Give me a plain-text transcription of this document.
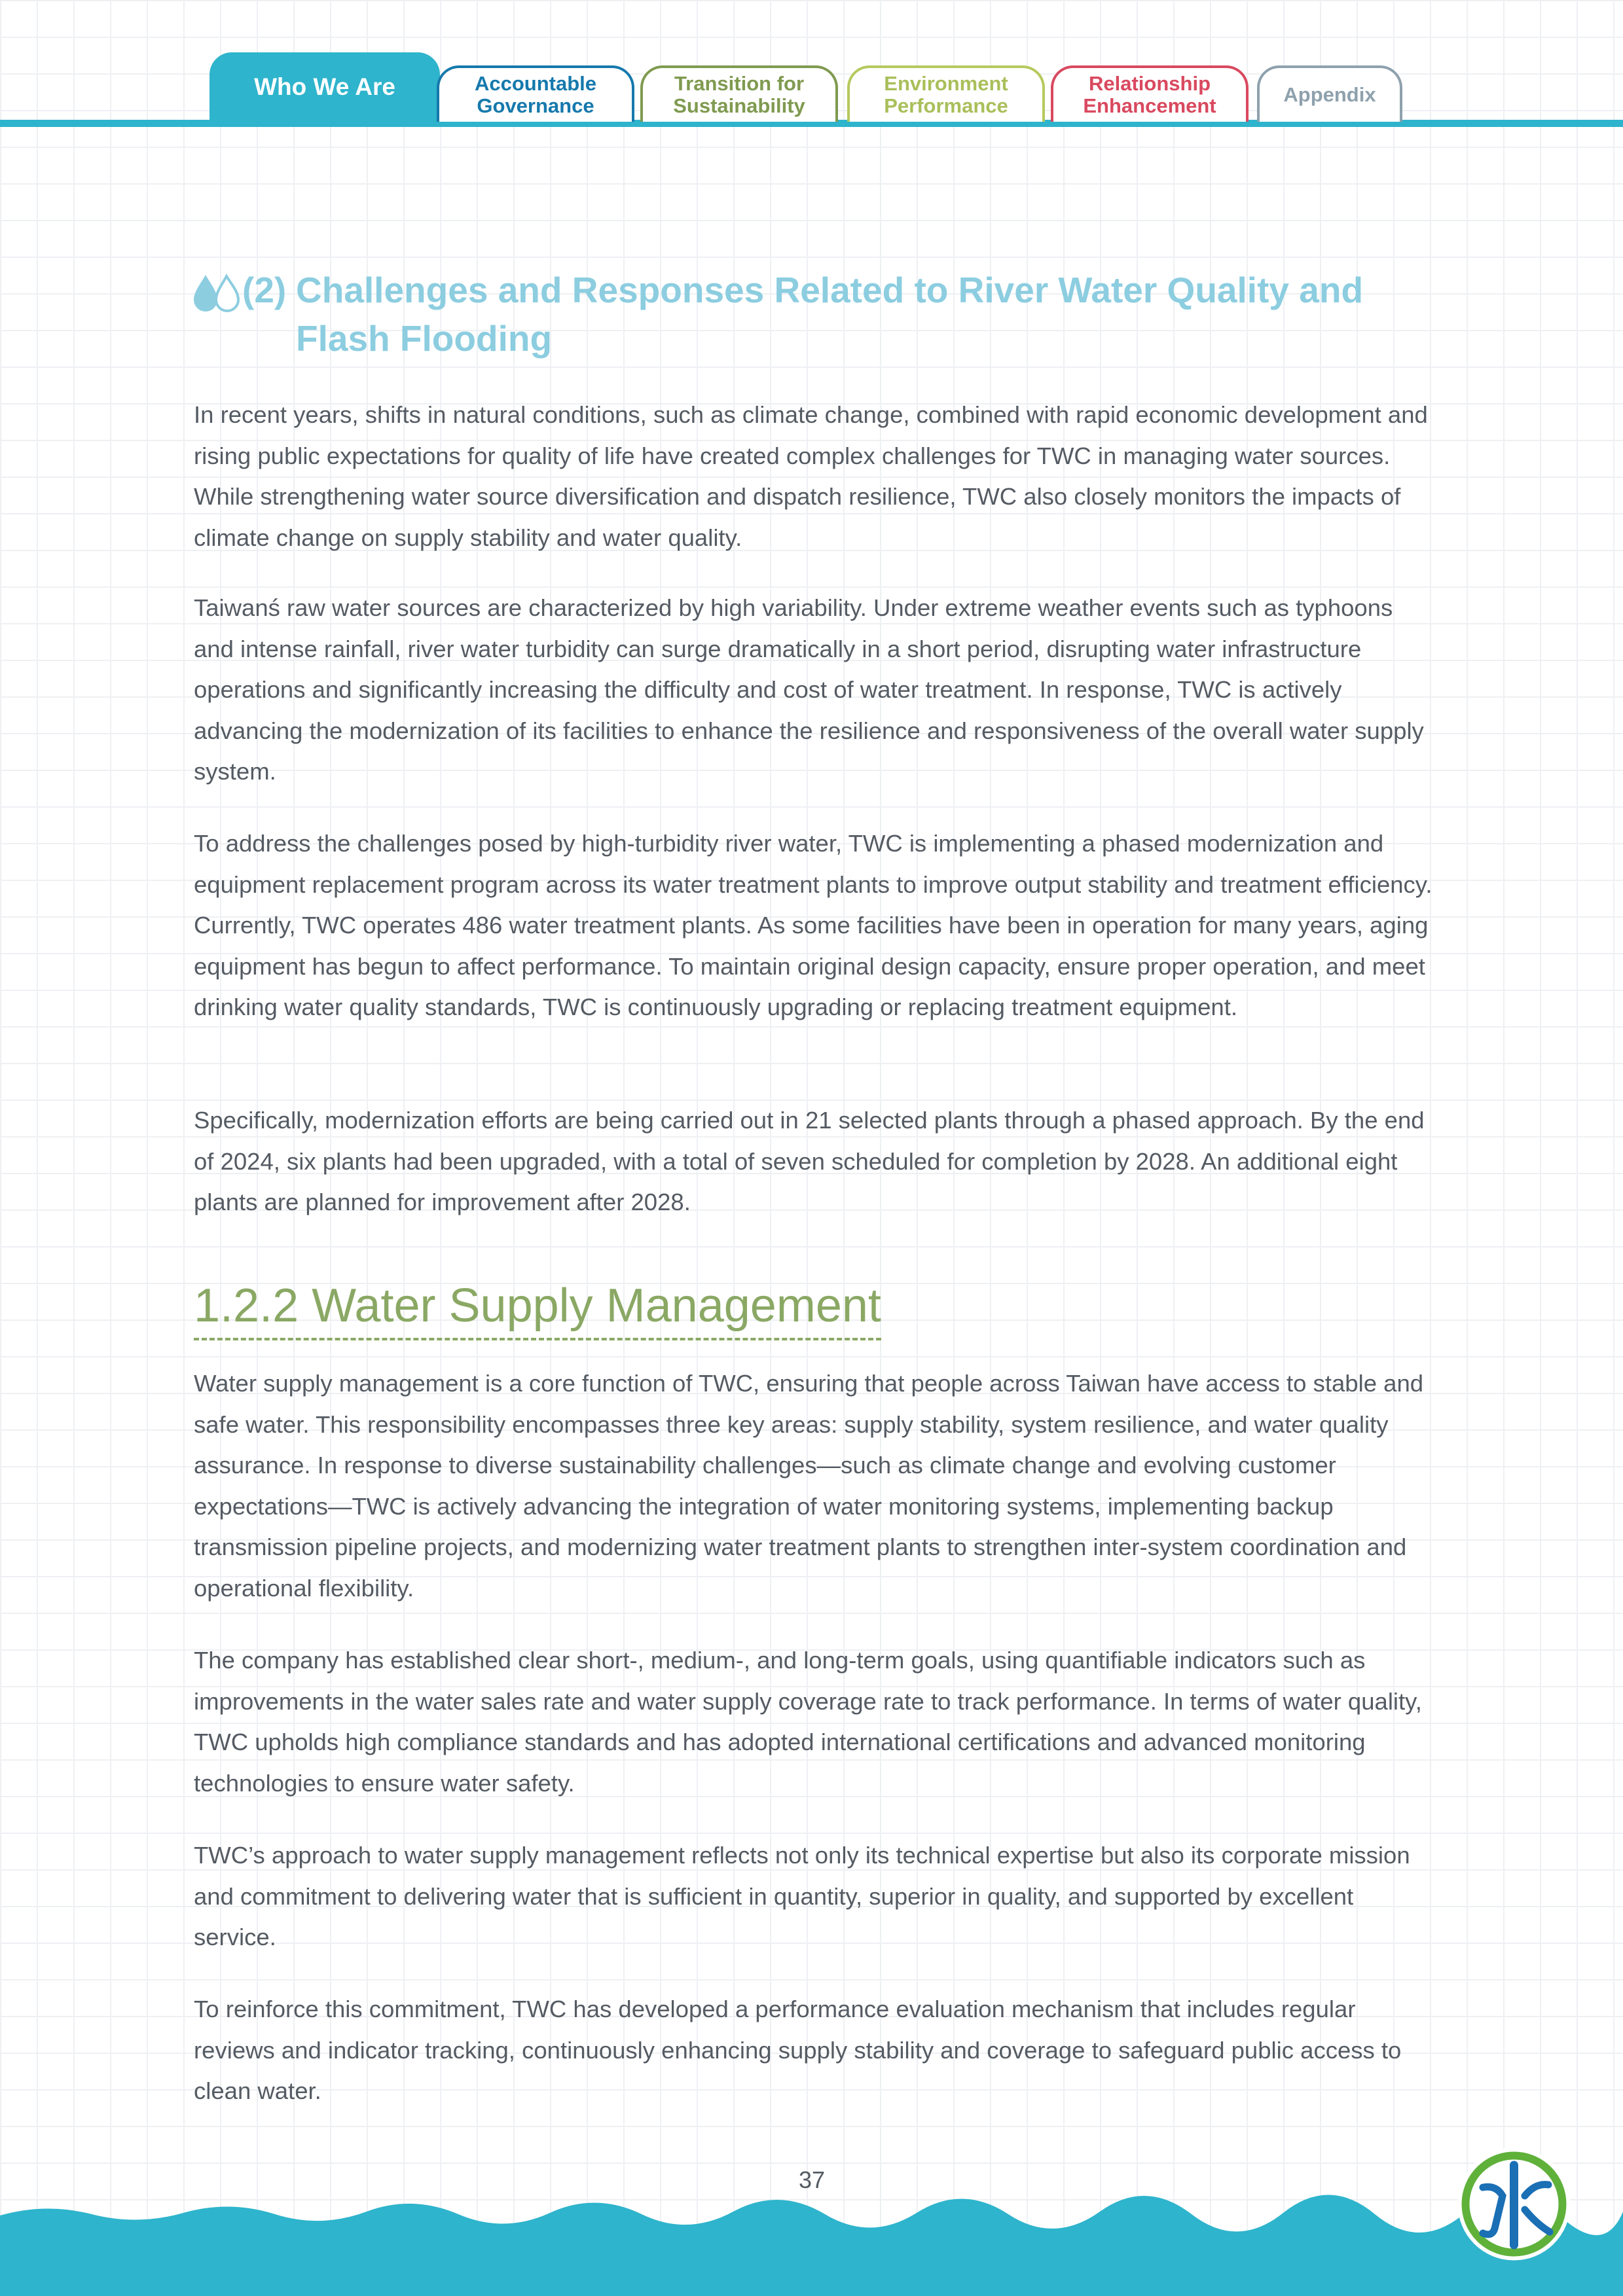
Who We Are	Accountable
Governance
Transition for
Sustainability
Environment
Performance
Relationship
Enhancement	Appendix
(2) Challenges and Responses Related to River Water Quality and Flash Flooding

In recent years, shifts in natural conditions, such as climate change, combined with rapid economic development and rising public expectations for quality of life have created complex challenges for TWC in managing water sources. While strengthening water source diversification and dispatch resilience, TWC also closely monitors the impacts of climate change on supply stability and water quality.

Taiwanś raw water sources are characterized by high variability. Under extreme weather events such as typhoons and intense rainfall, river water turbidity can surge dramatically in a short period, disrupting water infrastructure operations and significantly increasing the difficulty and cost of water treatment. In response, TWC is actively advancing the modernization of its facilities to enhance the resilience and responsiveness of the overall water supply system.

To address the challenges posed by high-turbidity river water, TWC is implementing a phased modernization and equipment replacement program across its water treatment plants to improve output stability and treatment efficiency. Currently, TWC operates 486 water treatment plants. As some facilities have been in operation for many years, aging equipment has begun to affect performance. To maintain original design capacity, ensure proper operation, and meet drinking water quality standards, TWC is continuously upgrading or replacing treatment equipment.

Specifically, modernization efforts are being carried out in 21 selected plants through a phased approach. By the end of 2024, six plants had been upgraded, with a total of seven scheduled for completion by 2028. An additional eight plants are planned for improvement after 2028.

1.2.2 Water Supply Management

Water supply management is a core function of TWC, ensuring that people across Taiwan have access to stable and safe water. This responsibility encompasses three key areas: supply stability, system resilience, and water quality assurance. In response to diverse sustainability challenges—such as climate change and evolving customer expectations—TWC is actively advancing the integration of water monitoring systems, implementing backup transmission pipeline projects, and modernizing water treatment plants to strengthen inter-system coordination and operational flexibility.

The company has established clear short-, medium-, and long-term goals, using quantifiable indicators such as improvements in the water sales rate and water supply coverage rate to track performance. In terms of water quality, TWC upholds high compliance standards and has adopted international certifications and advanced monitoring technologies to ensure water safety.

TWC’s approach to water supply management reflects not only its technical expertise but also its corporate mission and commitment to delivering water that is sufficient in quantity, superior in quality, and supported by excellent service.

To reinforce this commitment, TWC has developed a performance evaluation mechanism that includes regular reviews and indicator tracking, continuously enhancing supply stability and coverage to safeguard public access to clean water.

37
